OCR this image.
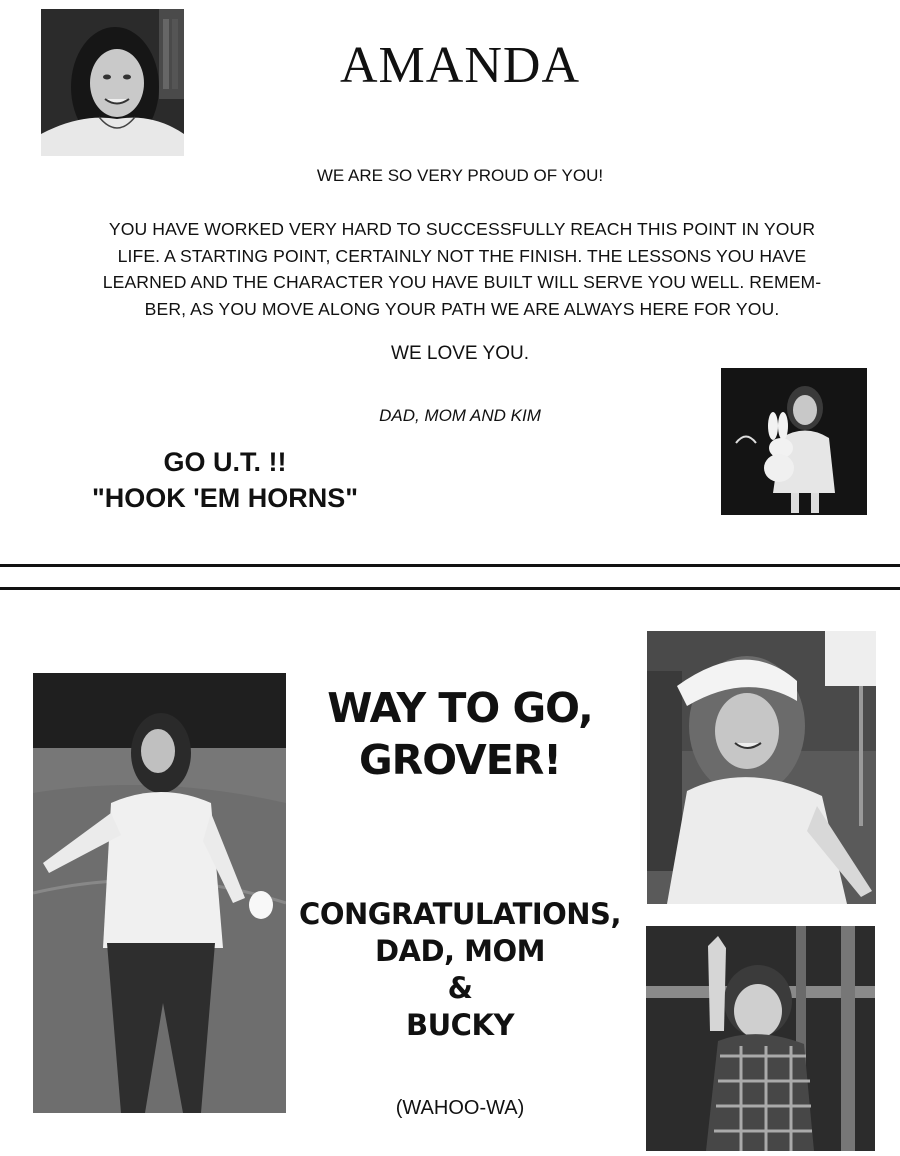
AMANDA
WE ARE SO VERY PROUD OF YOU!
YOU HAVE WORKED VERY HARD TO SUCCESSFULLY REACH THIS POINT IN YOUR
LIFE. A STARTING POINT, CERTAINLY NOT THE FINISH. THE LESSONS YOU HAVE
LEARNED AND THE CHARACTER YOU HAVE BUILT WILL SERVE YOU WELL. REMEM-
BER, AS YOU MOVE ALONG YOUR PATH WE ARE ALWAYS HERE FOR YOU.
WE LOVE YOU.
DAD, MOM AND KIM
GO U.T. !!
"HOOK 'EM HORNS"
WAY TO GO,
GROVER!
CONGRATULATIONS,
DAD, MOM
&
BUCKY
(WAHOO-WA)
